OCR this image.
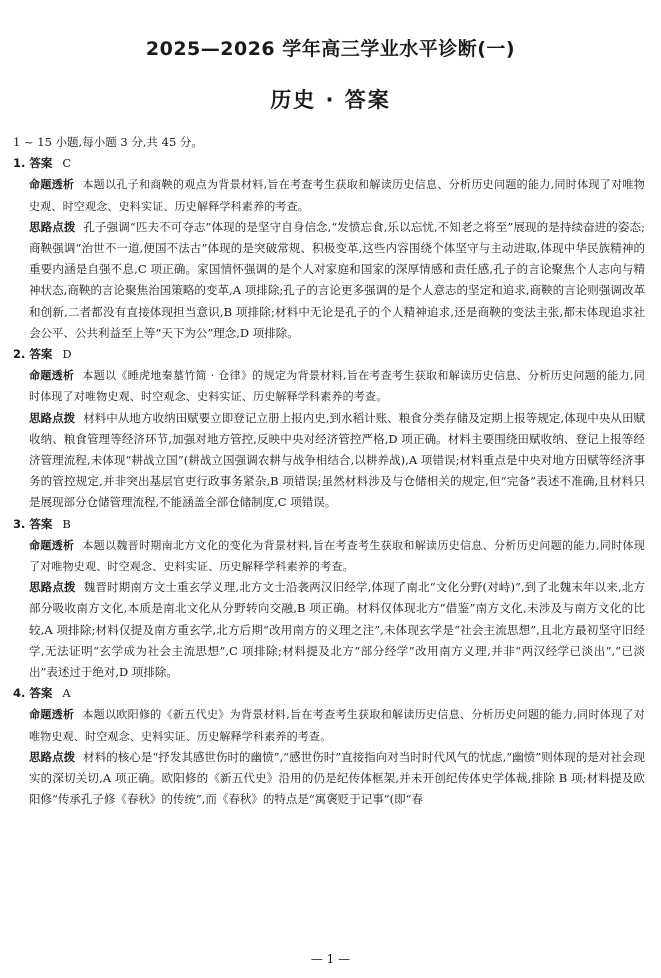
2025—2026 学年高三学业水平诊断(一)
历史 · 答案

1 ~ 15 小题,每小题 3 分,共 45 分。

1. 答案 C

命题透析 本题以孔子和商鞅的观点为背景材料,旨在考查考生获取和解读历史信息、分析历史问题的能力,同时体现了对唯物史观、时空观念、史料实证、历史解释学科素养的考查。

思路点拨 孔子强调“匹夫不可夺志”体现的是坚守自身信念,“发愤忘食,乐以忘忧,不知老之将至”展现的是持续奋进的姿态;商鞅强调“治世不一道,便国不法古”体现的是突破常规、积极变革,这些内容围绕个体坚守与主动进取,体现中华民族精神的重要内涵是自强不息,C 项正确。家国情怀强调的是个人对家庭和国家的深厚情感和责任感,孔子的言论聚焦个人志向与精神状态,商鞅的言论聚焦治国策略的变革,A 项排除;孔子的言论更多强调的是个人意志的坚定和追求,商鞅的言论则强调改革和创新,二者都没有直接体现担当意识,B 项排除;材料中无论是孔子的个人精神追求,还是商鞅的变法主张,都未体现追求社会公平、公共利益至上等“天下为公”理念,D 项排除。

2. 答案 D

命题透析 本题以《睡虎地秦墓竹简 · 仓律》的规定为背景材料,旨在考查考生获取和解读历史信息、分析历史问题的能力,同时体现了对唯物史观、时空观念、史料实证、历史解释学科素养的考查。

思路点拨 材料中从地方收纳田赋要立即登记立册上报内史,到水稻计账、粮食分类存储及定期上报等规定,体现中央从田赋收纳、粮食管理等经济环节,加强对地方管控,反映中央对经济管控严格,D 项正确。材料主要围绕田赋收纳、登记上报等经济管理流程,未体现“耕战立国”(耕战立国强调农耕与战争相结合,以耕养战),A 项错误;材料重点是中央对地方田赋等经济事务的管控规定,并非突出基层官吏行政事务紧杂,B 项错误;虽然材料涉及与仓储相关的规定,但“完备”表述不准确,且材料只是展现部分仓储管理流程,不能涵盖全部仓储制度,C 项错误。

3. 答案 B

命题透析 本题以魏晋时期南北方文化的变化为背景材料,旨在考查考生获取和解读历史信息、分析历史问题的能力,同时体现了对唯物史观、时空观念、史料实证、历史解释学科素养的考查。

思路点拨 魏晋时期南方文士重玄学义理,北方文士沿袭两汉旧经学,体现了南北“文化分野(对峙)”,到了北魏末年以来,北方部分吸收南方文化,本质是南北文化从分野转向交融,B 项正确。材料仅体现北方“借鉴”南方文化,未涉及与南方文化的比较,A 项排除;材料仅提及南方重玄学,北方后期“改用南方的义理之注”,未体现玄学是“社会主流思想”,且北方最初坚守旧经学,无法证明“玄学成为社会主流思想”,C 项排除;材料提及北方“部分经学”改用南方义理,并非“两汉经学已淡出”,“已淡出”表述过于绝对,D 项排除。

4. 答案 A

命题透析 本题以欧阳修的《新五代史》为背景材料,旨在考查考生获取和解读历史信息、分析历史问题的能力,同时体现了对唯物史观、时空观念、史料实证、历史解释学科素养的考查。

思路点拨 材料的核心是“抒发其感世伤时的幽愤”,“感世伤时”直接指向对当时时代风气的忧虑,“幽愤”则体现的是对社会现实的深切关切,A 项正确。欧阳修的《新五代史》沿用的仍是纪传体框架,并未开创纪传体史学体裁,排除 B 项;材料提及欧阳修“传承孔子修《春秋》的传统”,而《春秋》的特点是“寓褒贬于记事”(即“春

— 1 —
